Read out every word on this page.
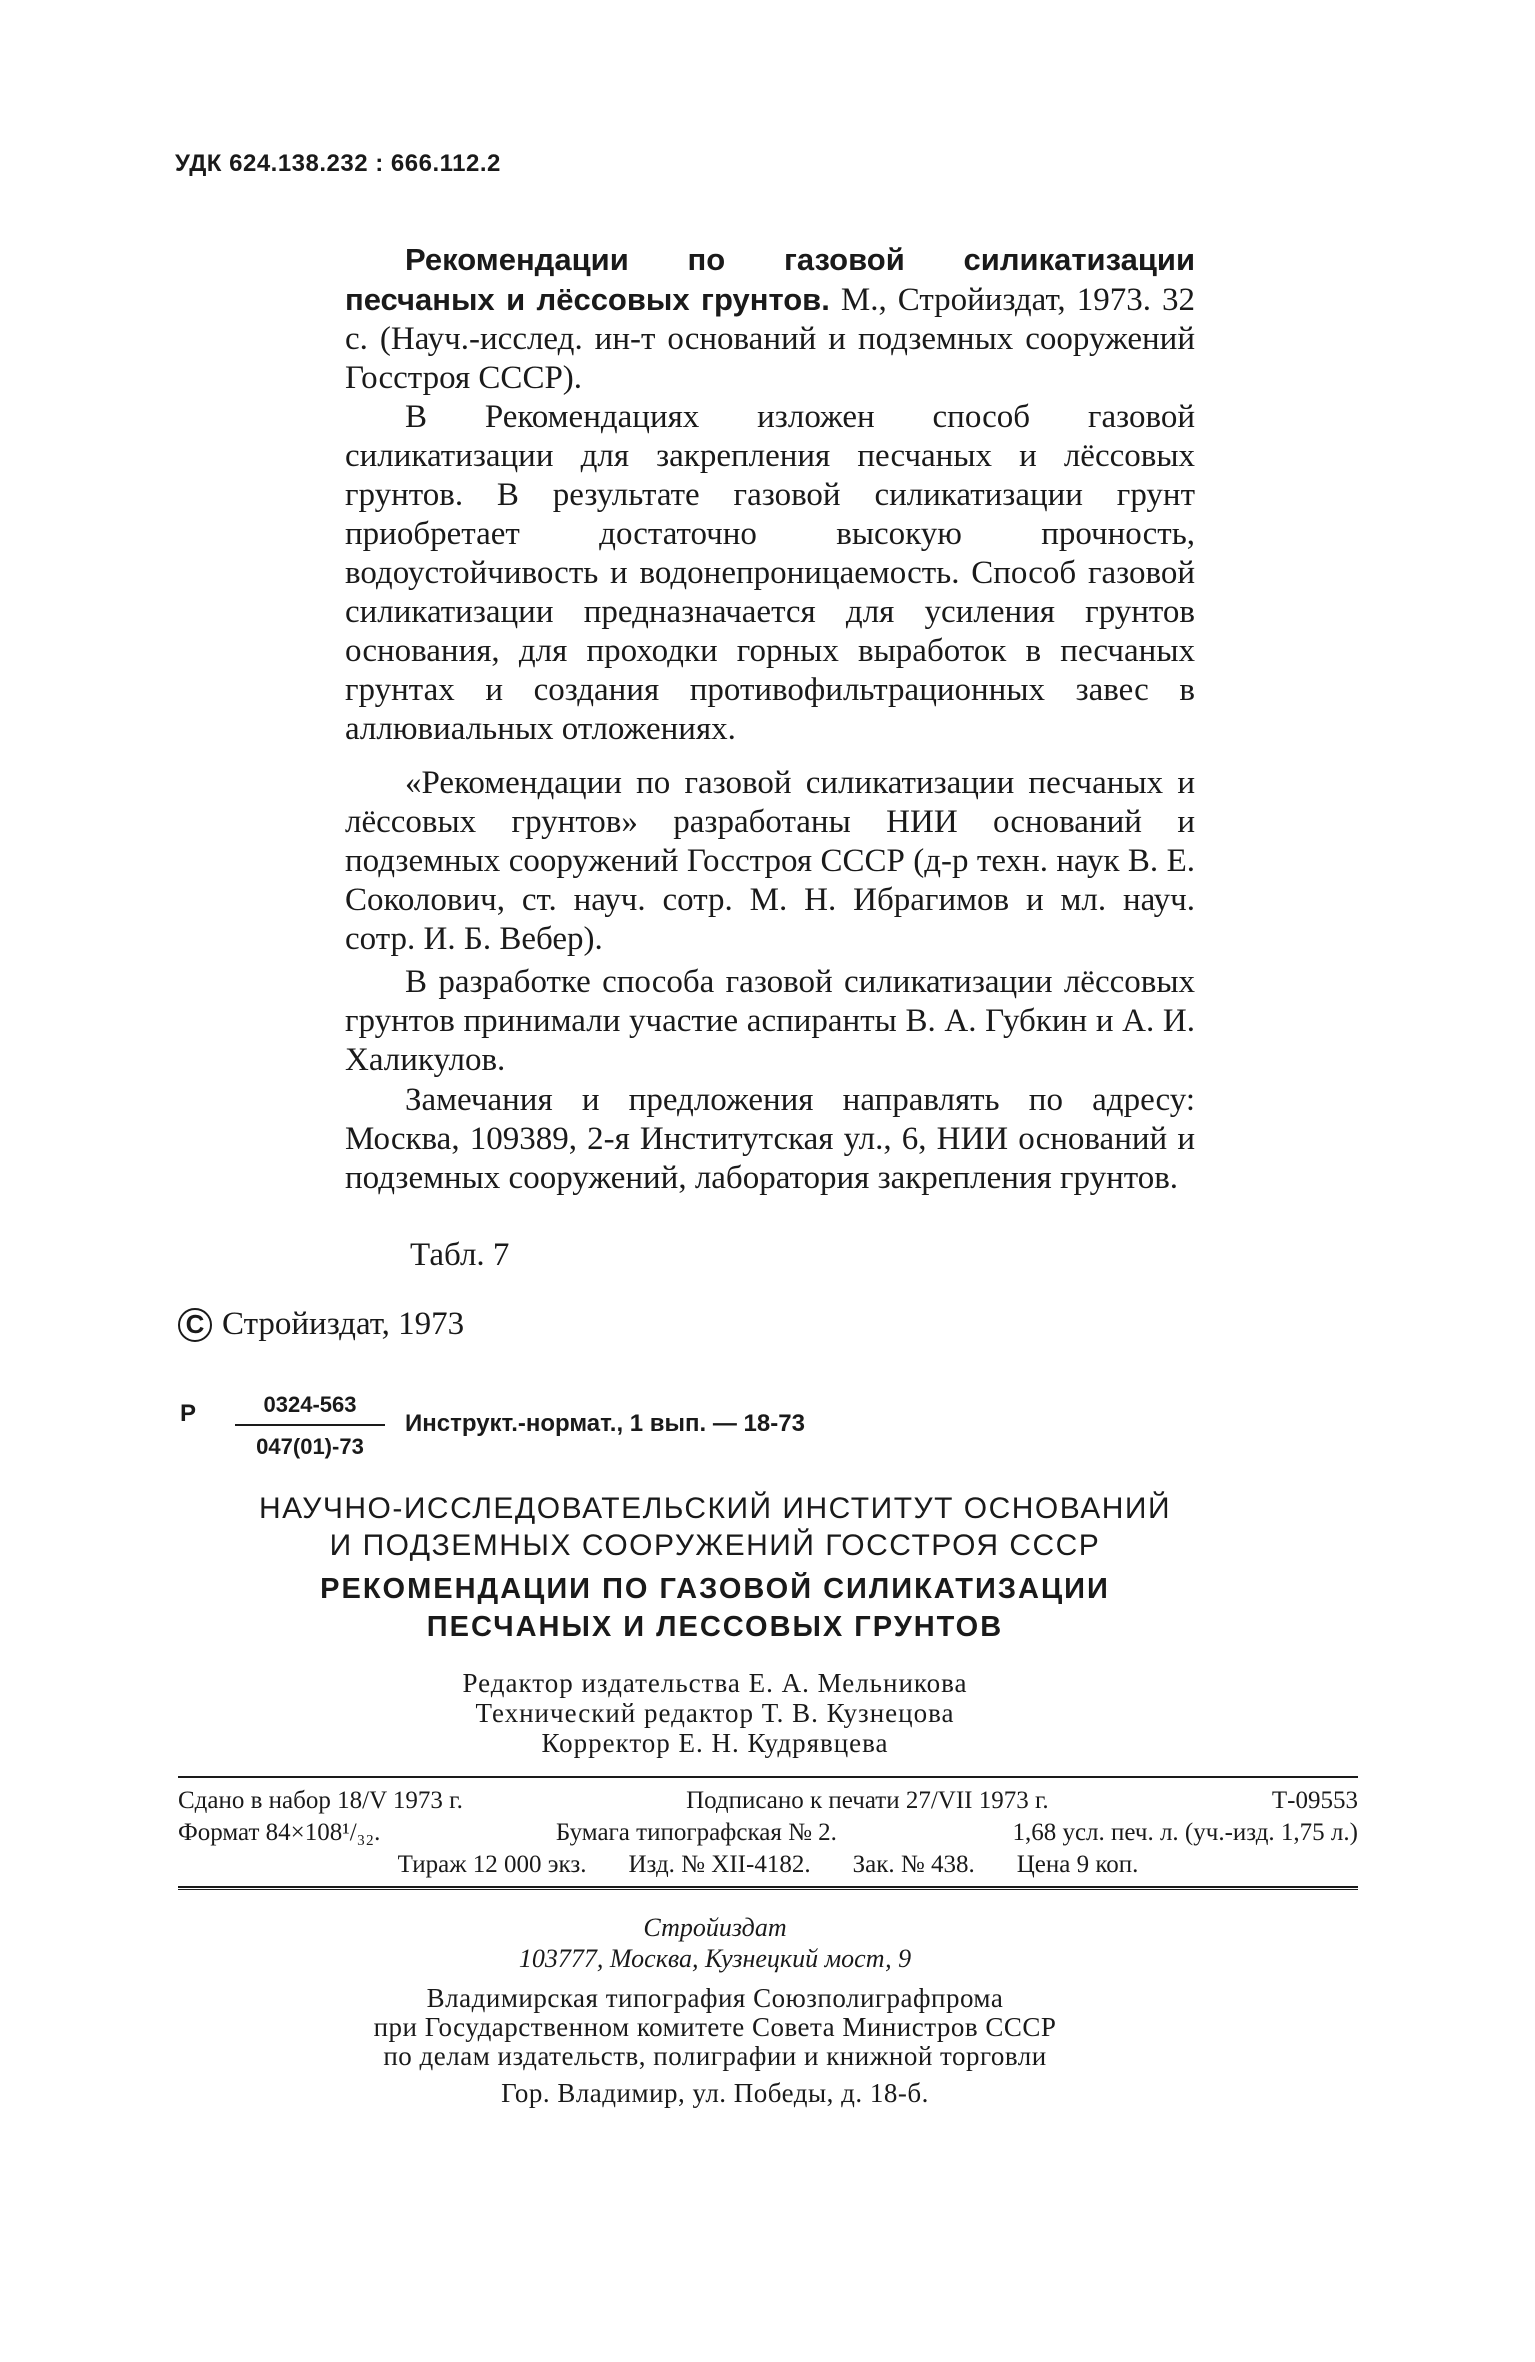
УДК 624.138.232 : 666.112.2

Рекомендации по газовой силикатизации песчаных и лёссовых грунтов. М., Стройиздат, 1973. 32 с. (Науч.-исслед. ин-т оснований и подземных сооружений Госстроя СССР).

В Рекомендациях изложен способ газовой силикатизации для закрепления песчаных и лёссовых грунтов. В результате газовой силикатизации грунт приобретает достаточно высокую прочность, водоустойчивость и водонепроницаемость. Способ газовой силикатизации предназначается для усиления грунтов основания, для проходки горных выработок в песчаных грунтах и создания противофильтрационных завес в аллювиальных отложениях.

«Рекомендации по газовой силикатизации песчаных и лёссовых грунтов» разработаны НИИ оснований и подземных сооружений Госстроя СССР (д-р техн. наук В. Е. Соколович, ст. науч. сотр. М. Н. Ибрагимов и мл. науч. сотр. И. Б. Вебер).

В разработке способа газовой силикатизации лёссовых грунтов принимали участие аспиранты В. А. Губкин и А. И. Халикулов.

Замечания и предложения направлять по адресу: Москва, 109389, 2-я Институтская ул., 6, НИИ оснований и подземных сооружений, лаборатория закрепления грунтов.

Табл. 7
С Стройиздат, 1973
Р $\frac{0324-563}{047(01)-73}$ Инструкт.-нормат., 1 вып. — 18-73
НАУЧНО-ИССЛЕДОВАТЕЛЬСКИЙ ИНСТИТУТ ОСНОВАНИЙ
И ПОДЗЕМНЫХ СООРУЖЕНИЙ ГОССТРОЯ СССР
РЕКОМЕНДАЦИИ ПО ГАЗОВОЙ СИЛИКАТИЗАЦИИ
ПЕСЧАНЫХ И ЛЕССОВЫХ ГРУНТОВ
Редактор издательства Е. А. Мельникова
Технический редактор Т. В. Кузнецова
Корректор Е. Н. Кудрявцева
Сдано в набор 18/V 1973 г.	Подписано к печати 27/VII 1973 г.	Т-09553
Формат 84×108¹/₃₂.	Бумага типографская № 2.	1,68 усл. печ. л. (уч.-изд. 1,75 л.)
Тираж 12 000 экз. Изд. № XII-4182. Зак. № 438. Цена 9 коп.
Стройиздат
103777, Москва, Кузнецкий мост, 9
Владимирская типография Союзполиграфпрома
при Государственном комитете Совета Министров СССР
по делам издательств, полиграфии и книжной торговли
Гор. Владимир, ул. Победы, д. 18-б.
